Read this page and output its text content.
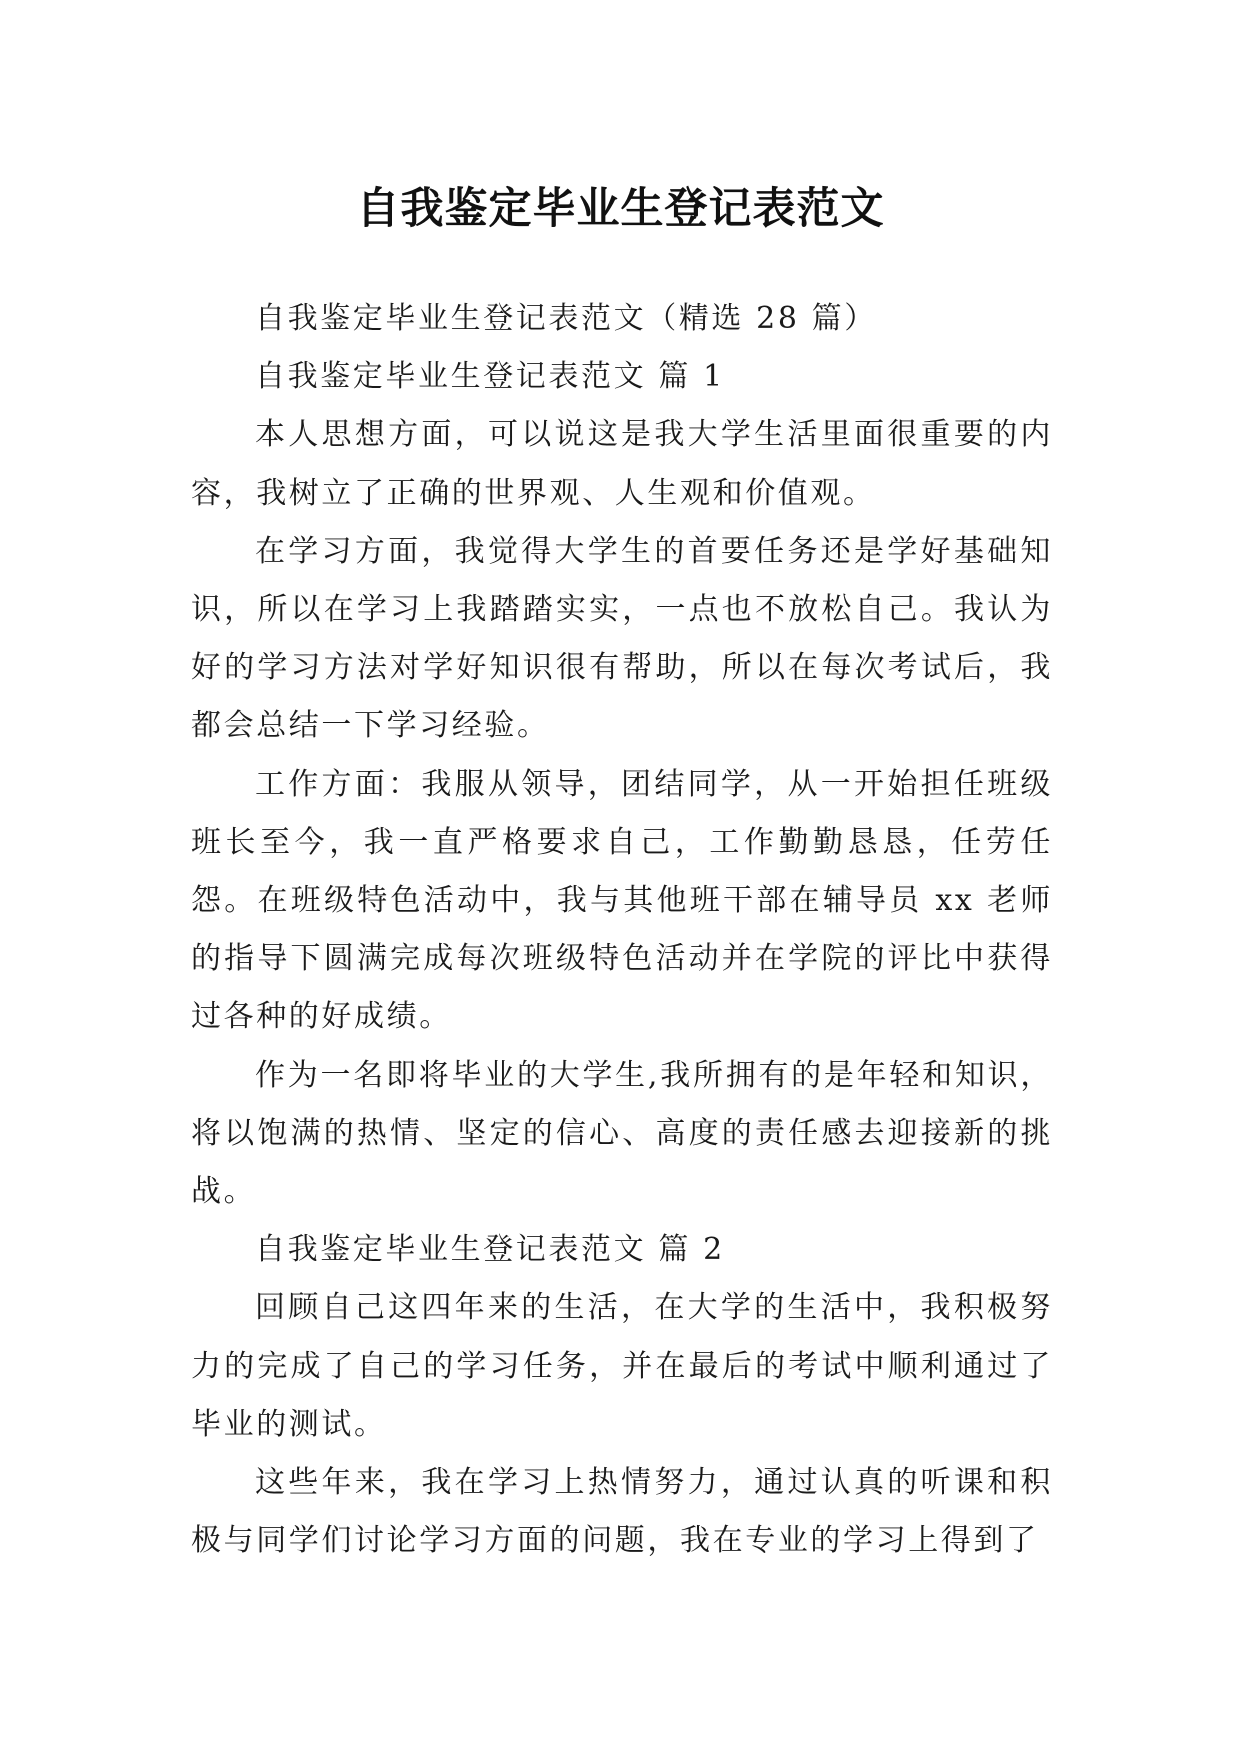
自我鉴定毕业生登记表范文

自我鉴定毕业生登记表范文（精选 28 篇）

自我鉴定毕业生登记表范文 篇 1

本人思想方面，可以说这是我大学生活里面很重要的内容，我树立了正确的世界观、人生观和价值观。

在学习方面，我觉得大学生的首要任务还是学好基础知识，所以在学习上我踏踏实实，一点也不放松自己。我认为好的学习方法对学好知识很有帮助，所以在每次考试后，我都会总结一下学习经验。

工作方面：我服从领导，团结同学，从一开始担任班级班长至今，我一直严格要求自己，工作勤勤恳恳，任劳任怨。在班级特色活动中，我与其他班干部在辅导员 xx 老师的指导下圆满完成每次班级特色活动并在学院的评比中获得过各种的好成绩。

作为一名即将毕业的大学生,我所拥有的是年轻和知识，将以饱满的热情、坚定的信心、高度的责任感去迎接新的挑战。

自我鉴定毕业生登记表范文 篇 2

回顾自己这四年来的生活，在大学的生活中，我积极努力的完成了自己的学习任务，并在最后的考试中顺利通过了毕业的测试。

这些年来，我在学习上热情努力，通过认真的听课和积极与同学们讨论学习方面的问题，我在专业的学习上得到了
